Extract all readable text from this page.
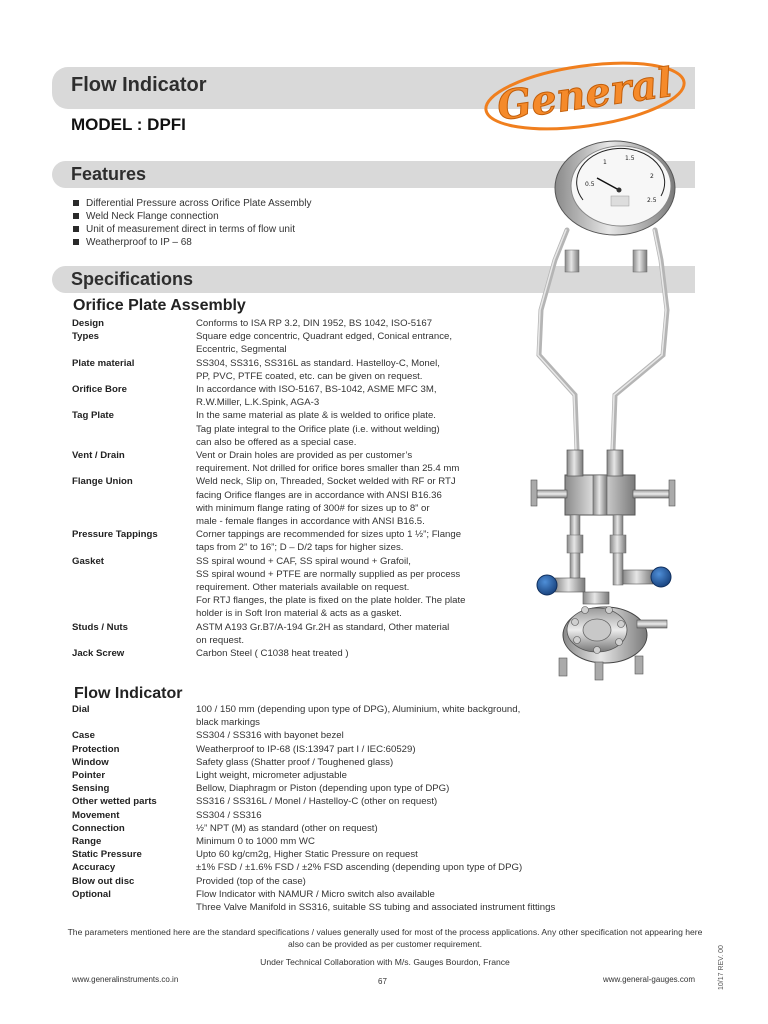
Flow Indicator	General
MODEL : DPFI
Features
Differential Pressure across Orifice Plate Assembly
Weld Neck Flange connection
Unit of measurement direct in terms of flow unit
Weatherproof to IP – 68
Specifications
Orifice Plate Assembly
Design	Conforms to ISA RP 3.2, DIN 1952, BS 1042, ISO-5167
Types	Square edge concentric, Quadrant edged, Conical entrance,
Eccentric, Segmental
Plate material	SS304, SS316, SS316L as standard. Hastelloy-C, Monel,
PP, PVC, PTFE coated, etc. can be given on request.
Orifice Bore	In accordance with ISO-5167, BS-1042, ASME MFC 3M,
R.W.Miller, L.K.Spink, AGA-3
Tag Plate	In the same material as plate & is welded to orifice plate.
Tag plate integral to the Orifice plate (i.e. without welding)
can also be offered as a special case.
Vent / Drain	Vent or Drain holes are provided as per customer’s
requirement. Not drilled for orifice bores smaller than 25.4 mm
Flange Union	Weld neck, Slip on, Threaded, Socket welded with RF or RTJ
facing Orifice flanges are in accordance with ANSI B16.36
with minimum flange rating of 300# for sizes up to 8” or
male - female flanges in accordance with ANSI B16.5.
Pressure Tappings	Corner tappings are recommended for sizes upto 1 ½”; Flange
taps from 2” to 16”; D – D/2 taps for higher sizes.
Gasket	SS spiral wound + CAF, SS spiral wound + Grafoil,
SS spiral wound + PTFE are normally supplied as per process
requirement. Other materials available on request.
For RTJ flanges, the plate is fixed on the plate holder. The plate
holder is in Soft Iron material & acts as a gasket.
Studs / Nuts	ASTM A193 Gr.B7/A-194 Gr.2H as standard, Other material
on request.
Jack Screw	Carbon Steel ( C1038 heat treated )
Flow Indicator
Dial	100 / 150 mm (depending upon type of DPG), Aluminium, white background,
black markings
Case	SS304 / SS316 with bayonet bezel
Protection	Weatherproof to IP-68 (IS:13947 part I / IEC:60529)
Window	Safety glass (Shatter proof / Toughened glass)
Pointer	Light weight, micrometer adjustable
Sensing	Bellow, Diaphragm or Piston (depending upon type of DPG)
Other wetted parts	SS316 / SS316L / Monel / Hastelloy-C (other on request)
Movement	SS304 / SS316
Connection	½” NPT (M) as standard (other on request)
Range	Minimum 0 to 1000 mm WC
Static Pressure	Upto 60 kg/cm2g, Higher Static Pressure on request
Accuracy	±1% FSD / ±1.6% FSD / ±2% FSD ascending (depending upon type of DPG)
Blow out disc	Provided (top of the case)
Optional	Flow Indicator with NAMUR / Micro switch also available
Three Valve Manifold in SS316, suitable SS tubing and associated instrument fittings
0.5
1
1.5
2
2.5
The parameters mentioned here are the standard specifications / values generally used for most of the process applications. Any other specification not appearing here also can be provided as per customer requirement.
Under Technical Collaboration with M/s. Gauges Bourdon, France
www.generalinstruments.co.in	67	www.general-gauges.com	10/17 REV. 00
